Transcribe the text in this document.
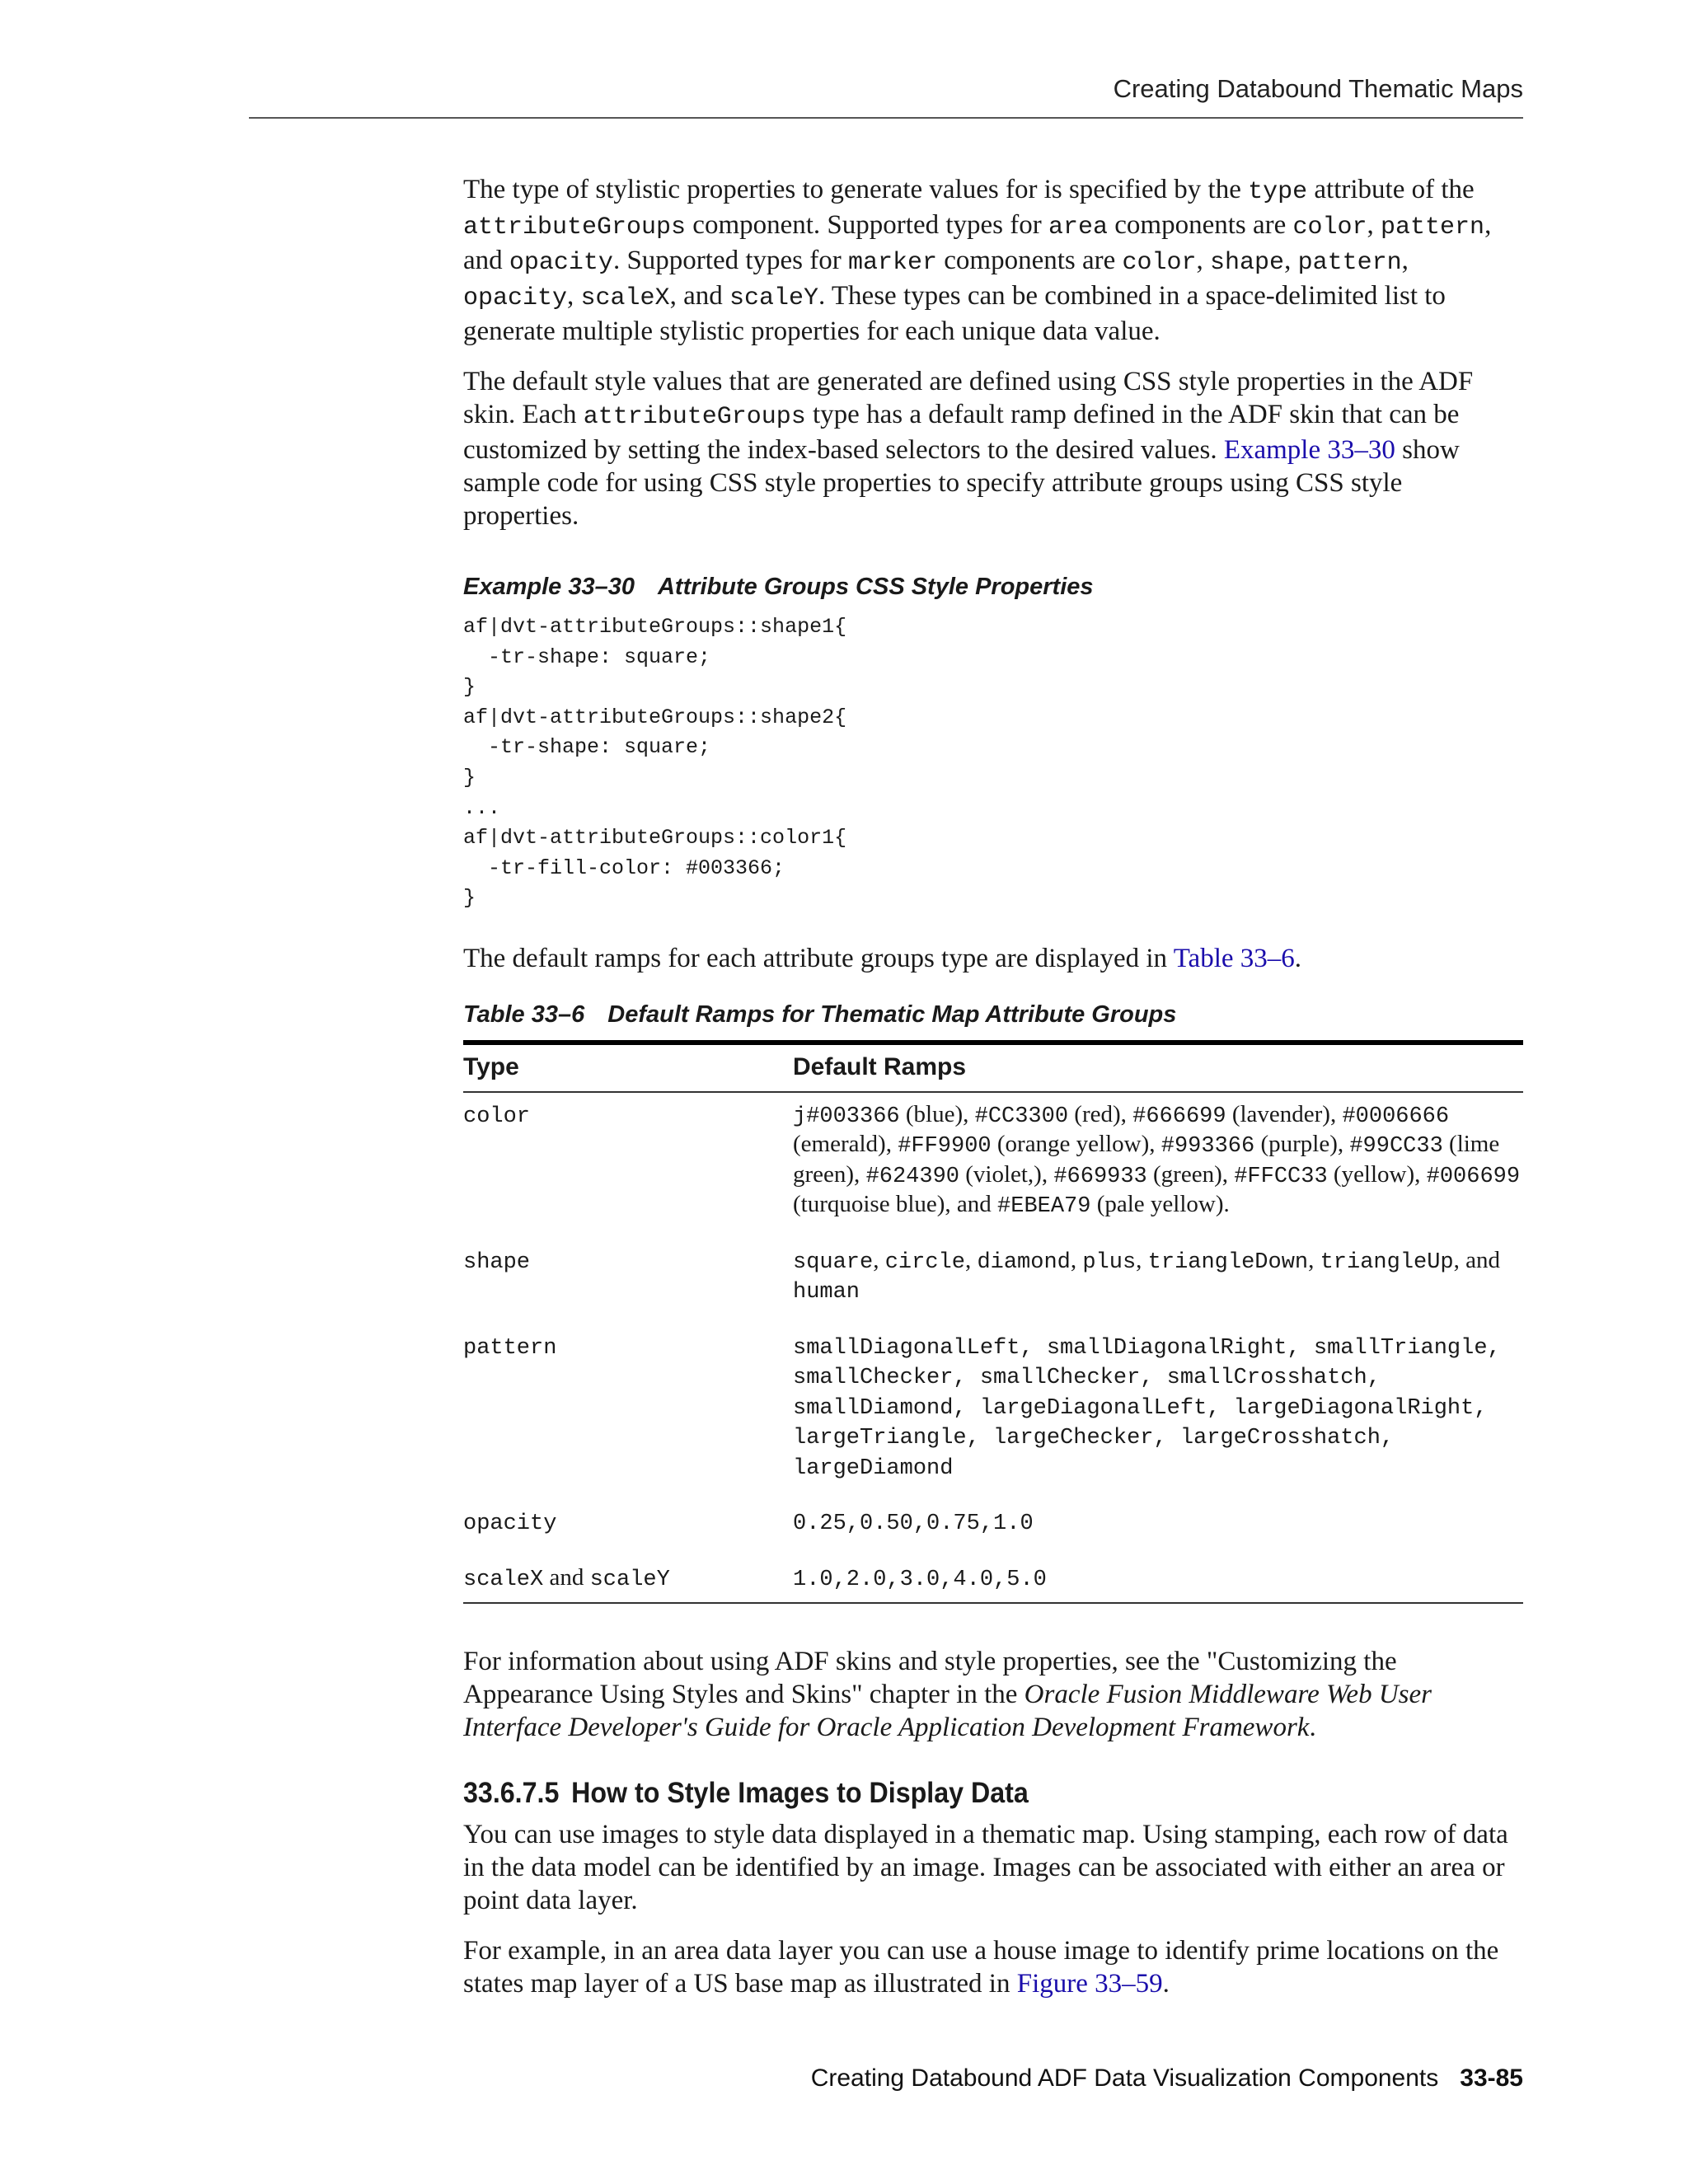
Creating Databound Thematic Maps

The type of stylistic properties to generate values for is specified by the type attribute of the attributeGroups component. Supported types for area components are color, pattern, and opacity. Supported types for marker components are color, shape, pattern, opacity, scaleX, and scaleY. These types can be combined in a space-delimited list to generate multiple stylistic properties for each unique data value.

The default style values that are generated are defined using CSS style properties in the ADF skin. Each attributeGroups type has a default ramp defined in the ADF skin that can be customized by setting the index-based selectors to the desired values. Example 33–30 show sample code for using CSS style properties to specify attribute groups using CSS style properties.

Example 33–30 Attribute Groups CSS Style Properties

af|dvt-attributeGroups::shape1{
-tr-shape: square;
}
af|dvt-attributeGroups::shape2{
-tr-shape: square;
}
...
af|dvt-attributeGroups::color1{
-tr-fill-color: #003366;
}

The default ramps for each attribute groups type are displayed in Table 33–6.

Table 33–6 Default Ramps for Thematic Map Attribute Groups

Type	Default Ramps
color	j#003366 (blue), #CC3300 (red), #666699 (lavender), #0006666 (emerald), #FF9900 (orange yellow), #993366 (purple), #99CC33 (lime green), #624390 (violet,), #669933 (green), #FFCC33 (yellow), #006699 (turquoise blue), and #EBEA79 (pale yellow).
shape	square, circle, diamond, plus, triangleDown, triangleUp, and human
pattern	smallDiagonalLeft, smallDiagonalRight, smallTriangle, smallChecker, smallChecker, smallCrosshatch, smallDiamond, largeDiagonalLeft, largeDiagonalRight, largeTriangle, largeChecker, largeCrosshatch, largeDiamond
opacity	0.25,0.50,0.75,1.0
scaleX and scaleY	1.0,2.0,3.0,4.0,5.0

For information about using ADF skins and style properties, see the "Customizing the Appearance Using Styles and Skins" chapter in the Oracle Fusion Middleware Web User Interface Developer's Guide for Oracle Application Development Framework.

33.6.7.5 How to Style Images to Display Data

You can use images to style data displayed in a thematic map. Using stamping, each row of data in the data model can be identified by an image. Images can be associated with either an area or point data layer.

For example, in an area data layer you can use a house image to identify prime locations on the states map layer of a US base map as illustrated in Figure 33–59.

Creating Databound ADF Data Visualization Components 33-85
